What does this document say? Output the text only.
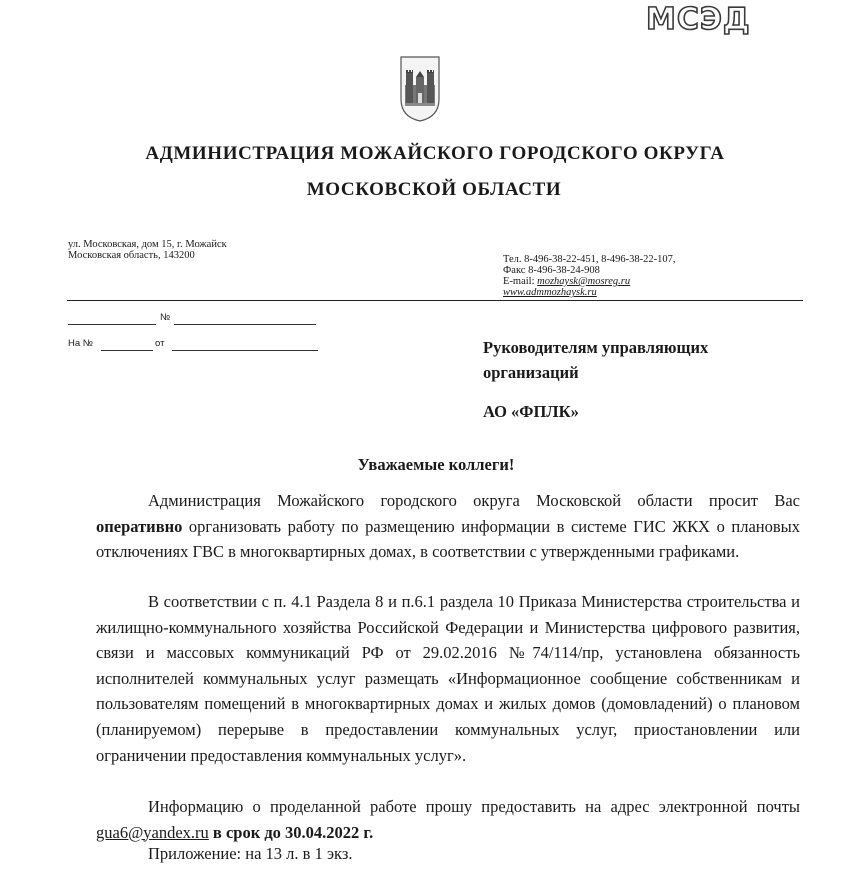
МСЭД
АДМИНИСТРАЦИЯ МОЖАЙСКОГО ГОРОДСКОГО ОКРУГА
МОСКОВСКОЙ ОБЛАСТИ
ул. Московская, дом 15, г. Можайск
Московская область, 143200	Тел. 8-496-38-22-451, 8-496-38-22-107,
Факс 8-496-38-24-908
E-mail: mozhaysk@mosreg.ru
www.admmozhaysk.ru
№
На №	от	Руководителям управляющих
организаций
АО «ФПЛК»
Уважаемые коллеги!
Администрация Можайского городского округа Московской области просит Вас оперативно организовать работу по размещению информации в системе ГИС ЖКХ о плановых отключениях ГВС в многоквартирных домах, в соответствии с утвержденными графиками.
В соответствии с п. 4.1 Раздела 8 и п.6.1 раздела 10 Приказа Министерства строительства и жилищно-коммунального хозяйства Российской Федерации и Министерства цифрового развития, связи и массовых коммуникаций РФ от 29.02.2016 №74/114/пр, установлена обязанность исполнителей коммунальных услуг размещать «Информационное сообщение собственникам и пользователям помещений в многоквартирных домах и жилых домов (домовладений) о плановом (планируемом) перерыве в предоставлении коммунальных услуг, приостановлении или ограничении предоставления коммунальных услуг».
Информацию о проделанной работе прошу предоставить на адрес электронной почты gua6@yandex.ru в срок до 30.04.2022 г.
Приложение: на 13 л. в 1 экз.
